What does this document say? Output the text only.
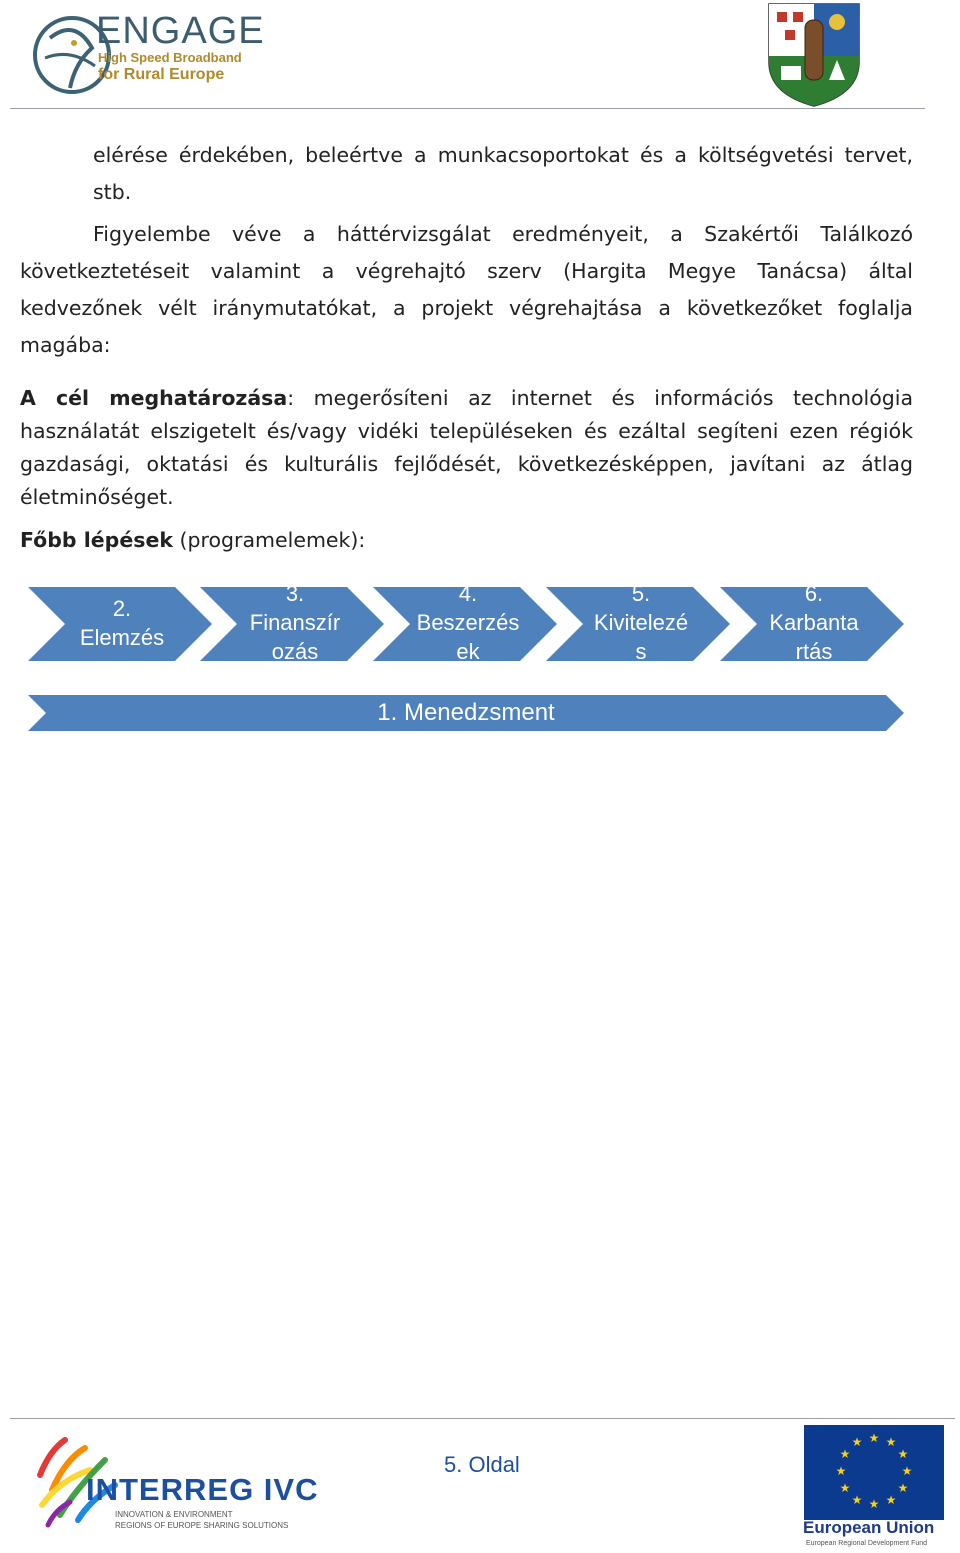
ENGAGE
High Speed Broadband
for Rural Europe
elérése érdekében, beleértve a munkacsoportokat és a költségvetési tervet, stb.
Figyelembe véve a háttérvizsgálat eredményeit, a Szakértői Találkozó következtetéseit valamint a végrehajtó szerv (Hargita Megye Tanácsa) által kedvezőnek vélt iránymutatókat, a projekt végrehajtása a következőket foglalja magába:
A cél meghatározása: megerősíteni az internet és információs technológia használatát elszigetelt és/vagy vidéki településeken és ezáltal segíteni ezen régiók gazdasági, oktatási és kulturális fejlődését, következésképpen, javítani az átlag életminőséget.
Főbb lépések (programelemek):
2.
Elemzés
3.
Finanszír
ozás
4.
Beszerzés
ek
5.
Kivitelezé
s
6.
Karbanta
rtás
1. Menedzsment
INTERREG IVC
INNOVATION & ENVIRONMENT
REGIONS OF EUROPE SHARING SOLUTIONS
5. Oldal
★ ★
★
★
★
★
★
★
★
★
★
★
European Union
European Regional Development Fund
